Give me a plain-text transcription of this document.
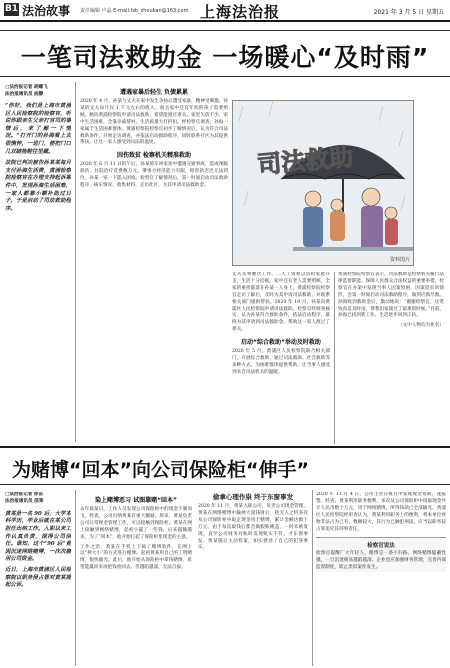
B1 法治故事 责任编辑 卢晶 E-mail:fzb_zhoukan@163.com 上海法治报	2021 年 3 月 5 日 星期五
一笔司法救助金 一场暖心“及时雨”
□法治报记者 胡蝶飞
法治报通讯员 曲静
“你好，我们是上海市黄浦区人民检察院的检察官，听说你跟亲生父亲打官司的事情后，来了解一下情况。”打开门的孙海看上去很憔悴，一进门，便把门口几双破拖鞋往里藏。
法院已判决被告孙某某每月支付孙海生活费，黄浦检察院检察官在办理支持起诉案件中，发现孙海生活困难，一家人都靠小额补助过日子，于是启动了司法救助程序。
遭遇家暴后轻生 负债累累
2020 年 4 月，孙某与丈夫在家中发生争执后遭受家暴，精神受刺激。孙某的丈夫每月仅 1 千元左右的收入，而且家中还有年幼的孩子需要照顾。她向黄浦检察院申请司法救助，希望能渡过难关。家里欠债不少，家中生活困难，全靠亲戚帮衬，生活质量大打折扣。经检察官调查，孙海一家属于生活困难群体。黄浦检察院检察官初步了解情况后，认为符合司法救助条件，开始走访调查，并依法启动救助程序，同时联系社区为其提供帮扶，让这一家人感受到司法的温度。
因伤致贫 检察机关精准救助
2020 年 6 月 11 日的午后，孙某骑车回家途中遭遇交通事故，造成颅脑损伤，住院治疗花费数万元。肇事方经济能力有限，赔偿款迟迟无法到位。孙某一家一下陷入困境。检察官了解情况后，第一时间启动司法救助程序，核实情况、收集材料、走访社区，为其申请司法救助金。
司法救助
资料图片
丈夫从事餐饮工作，二人工资难以负担家庭开支，生活十分拮据。家中还有老人需要照顾，全家的重担都落在孙某一人身上。黄浦检察院检察官走访了解后，及时为其申请司法救助，并联系相关部门提供帮扶。2020 年 10 月，孙某向黄浦区人民检察院申请司法救助。检察官经调查核实，认为孙某符合救助条件，依法启动程序，最终为其申请到司法救助金，帮助这一家人渡过了难关。
启动“综合救助”举动及时救助
2020 年 5 月，黄浦区人民检察院联合相关部门，开展综合救助，通过司法救助、社会救助等多种方式，为困难群体提供帮助，让当事人感受到来自司法机关的温暖。
黄浦检察院检察官表示，司法救助是检察机关履行法律监督职能、保障人民群众合法权益的重要举措。检察官在办案中发现当事人因案致困、因案返贫的情形，会第一时间启动司法救助程序，做到应救尽救。孙海收到救助金后，激动地说：“谢谢检察官，这笔钱真是及时雨，帮我们家渡过了最难的时候。”目前，孙海已找到新工作，生活逐步回到正轨。
（文中人物均为化名）
为赌博“回本”向公司保险柜“伸手”
□法治报记者 徐苗
法治报通讯员 邵斐
黄某是一名 90 后，大学本科学历，毕业后就在某公司担任出纳工作。入职以来工作认真负责，深得公司信任。谁知，这个“90 后”竟因沉迷网络赌博，一次次挪用公司资金。
近日，上海市黄浦区人民检察院以职务侵占罪对黄某提起公诉。
染上赌博恶习 试图靠赌“回本”
去年底某日，工作人员发现公司保险柜中的现金不翼而飞。经查，公司出纳黄某有重大嫌疑。原来，黄某负责公司日常现金管理工作，可以接触到保险柜。黄某在网上接触到网络赌博，起初小赢了一些钱，后来越输越多，为了“回本”，他开始打起了保险柜里现金的主意。
工作之余，黄某在手机上下载了赌博软件，在网上以“押大小”的方式进行赌博。起初黄某用自己的工资赌博，很快输光。此后，他开始从保险柜中拿钱赌博，希望能赢回来再把钱放回去，但越陷越深，无法自拔。
偷拿心理作祟 终于东窗事发
2020 年 11 月，黄某入职公司，负责公司现金管理。黄某在网络赌博中输掉大量钱财后，趁无人之机多次从公司保险柜中取走现金用于赌博，累计金额达数十万元。由于每次取钱后都会做假账掩盖，一时未被发现。直至公司财务对账时发现账实不符，才东窗事发。黄某随后主动投案，如实供述了自己的犯罪事实。
2020 年 11 月 4 日，公司主管在账目中发现现金短缺，遂报警。经查，黄某利用职务便利，多次从公司保险柜中窃取现金共计人民币数十万元，用于网络赌博，所得钱款已全部输光。黄浦区人民检察院经审查认为，黄某利用职务上的便利，将本单位财物非法占为己有，数额较大，其行为已触犯刑法，应当以职务侵占罪追究其刑事责任。
检察官说法
检察官提醒广大年轻人，赌博是一条不归路。网络赌博隐蔽性强，一旦沉迷极易越陷越深。企业也应加强财务管理，完善内部监督制度，防止类似案件发生。
